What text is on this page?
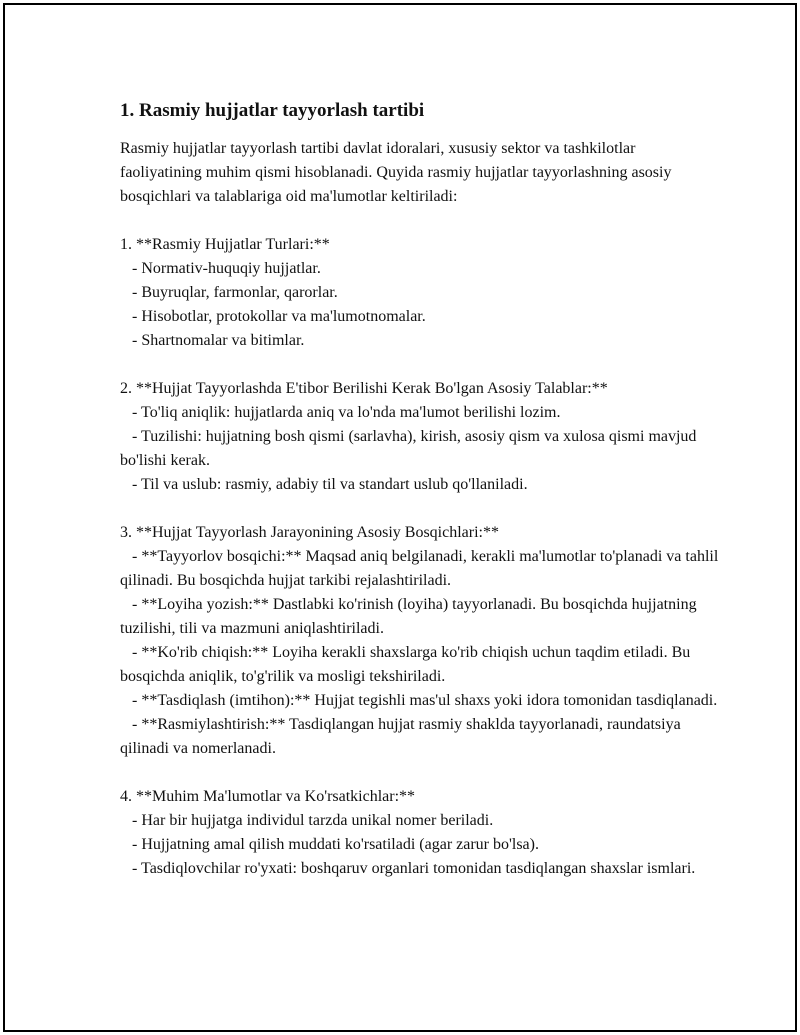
1. Rasmiy hujjatlar tayyorlash tartibi

Rasmiy hujjatlar tayyorlash tartibi davlat idoralari, xususiy sektor va tashkilotlar faoliyatining muhim qismi hisoblanadi. Quyida rasmiy hujjatlar tayyorlashning asosiy bosqichlari va talablariga oid ma'lumotlar keltiriladi:

1. **Rasmiy Hujjatlar Turlari:**
- Normativ-huquqiy hujjatlar.
- Buyruqlar, farmonlar, qarorlar.
- Hisobotlar, protokollar va ma'lumotnomalar.
- Shartnomalar va bitimlar.
2. **Hujjat Tayyorlashda E'tibor Berilishi Kerak Bo'lgan Asosiy Talablar:**
- To'liq aniqlik: hujjatlarda aniq va lo'nda ma'lumot berilishi lozim.
- Tuzilishi: hujjatning bosh qismi (sarlavha), kirish, asosiy qism va xulosa qismi mavjud bo'lishi kerak.
- Til va uslub: rasmiy, adabiy til va standart uslub qo'llaniladi.
3. **Hujjat Tayyorlash Jarayonining Asosiy Bosqichlari:**
- **Tayyorlov bosqichi:** Maqsad aniq belgilanadi, kerakli ma'lumotlar to'planadi va tahlil qilinadi. Bu bosqichda hujjat tarkibi rejalashtiriladi.
- **Loyiha yozish:** Dastlabki ko'rinish (loyiha) tayyorlanadi. Bu bosqichda hujjatning tuzilishi, tili va mazmuni aniqlashtiriladi.
- **Ko'rib chiqish:** Loyiha kerakli shaxslarga ko'rib chiqish uchun taqdim etiladi. Bu bosqichda aniqlik, to'g'rilik va mosligi tekshiriladi.
- **Tasdiqlash (imtihon):** Hujjat tegishli mas'ul shaxs yoki idora tomonidan tasdiqlanadi.
- **Rasmiylashtirish:** Tasdiqlangan hujjat rasmiy shaklda tayyorlanadi, raundatsiya qilinadi va nomerlanadi.
4. **Muhim Ma'lumotlar va Ko'rsatkichlar:**
- Har bir hujjatga individul tarzda unikal nomer beriladi.
- Hujjatning amal qilish muddati ko'rsatiladi (agar zarur bo'lsa).
- Tasdiqlovchilar ro'yxati: boshqaruv organlari tomonidan tasdiqlangan shaxslar ismlari.
